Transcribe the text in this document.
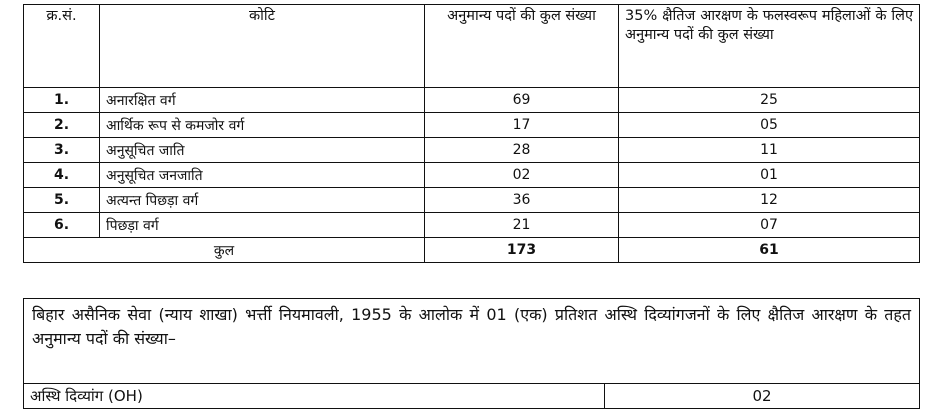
क्र.सं.	कोटि	अनुमान्य पदों की कुल संख्या	35% क्षैतिज आरक्षण के फलस्वरूप महिलाओं के लिए अनुमान्य पदों की कुल संख्या
1.	अनारक्षित वर्ग	69	25
2.	आर्थिक रूप से कमजोर वर्ग	17	05
3.	अनुसूचित जाति	28	11
4.	अनुसूचित जनजाति	02	01
5.	अत्यन्त पिछड़ा वर्ग	36	12
6.	पिछड़ा वर्ग	21	07
कुल		173	61
बिहार असैनिक सेवा (न्याय शाखा) भर्त्ती नियमावली, 1955 के आलोक में 01 (एक) प्रतिशत अस्थि दिव्यांगजनों के लिए क्षैतिज आरक्षण के तहत अनुमान्य पदों की संख्या–
अस्थि दिव्यांग (OH)	02
